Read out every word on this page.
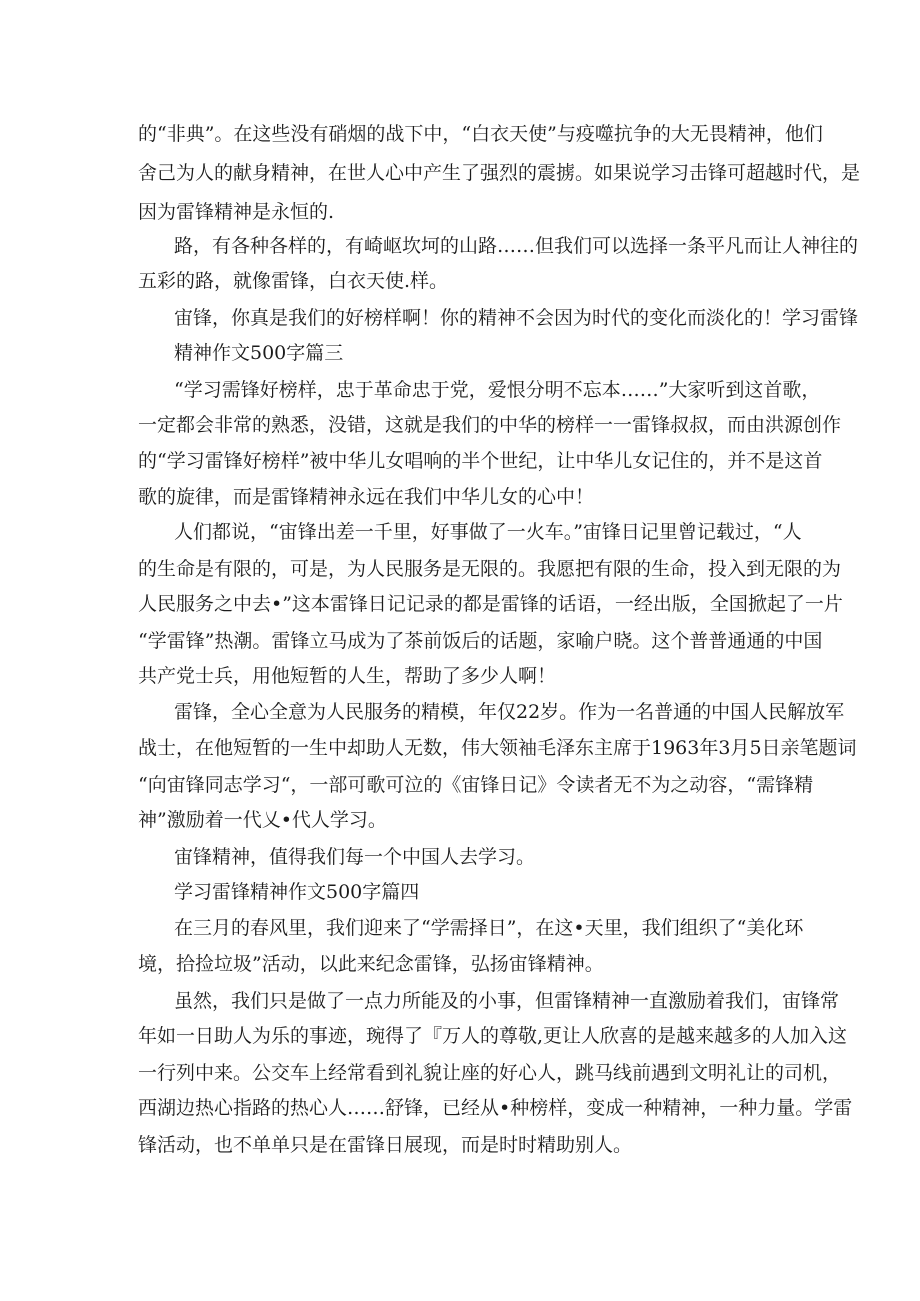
的“非典”。在这些没有硝烟的战下中，“白衣天使”与疫噬抗争的大无畏精神，他们
舍己为人的献身精神，在世人心中产生了强烈的震掳。如果说学习击锋可超越时代，是
因为雷锋精神是永恒的.
路，有各种各样的，有崎岖坎坷的山路……但我们可以选择一条平凡而让人神往的
五彩的路，就像雷锋，白衣天使.样。
宙锋，你真是我们的好榜样啊！你的精神不会因为时代的变化而淡化的！学习雷锋
精神作文500字篇三
“学习需锋好榜样，忠于革命忠于党，爱恨分明不忘本……”大家听到这首歌，
一定都会非常的熟悉，没错，这就是我们的中华的榜样一一雷锋叔叔，而由洪源创作
的“学习雷锋好榜样”被中华儿女唱响的半个世纪，让中华儿女记住的，并不是这首
歌的旋律，而是雷锋精神永远在我们中华儿女的心中！
人们都说，“宙锋出差一千里，好事做了一火车。”宙锋日记里曾记载过，“人
的生命是有限的，可是，为人民服务是无限的。我愿把有限的生命，投入到无限的为
人民服务之中去•”这本雷锋日记记录的都是雷锋的话语，一经出版，全国掀起了一片
“学雷锋”热潮。雷锋立马成为了茶前饭后的话题，家喻户晓。这个普普通通的中国
共产党士兵，用他短暂的人生，帮助了多少人啊！
雷锋，全心全意为人民服务的精模，年仅22岁。作为一名普通的中国人民解放军
战士，在他短暂的一生中却助人无数，伟大领袖毛泽东主席于1963年3月5日亲笔题词
“向宙锋同志学习“，一部可歌可泣的《宙锋日记》令读者无不为之动容，“需锋精
神”激励着一代乂•代人学习。
宙锋精神，值得我们每一个中国人去学习。
学习雷锋精神作文500字篇四
在三月的春风里，我们迎来了“学需择日”，在这•天里，我们组织了“美化环
境，拾捡垃圾”活动，以此来纪念雷锋，弘扬宙锋精神。
虽然，我们只是做了一点力所能及的小事，但雷锋精神一直激励着我们，宙锋常
年如一日助人为乐的事迹，琬得了『万人的尊敬,更让人欣喜的是越来越多的人加入这
一行列中来。公交车上经常看到礼貌让座的好心人，跳马线前遇到文明礼让的司机，
西湖边热心指路的热心人……舒锋，已经从•种榜样，变成一种精神，一种力量。学雷
锋活动，也不单单只是在雷锋日展现，而是时时精助别人。
